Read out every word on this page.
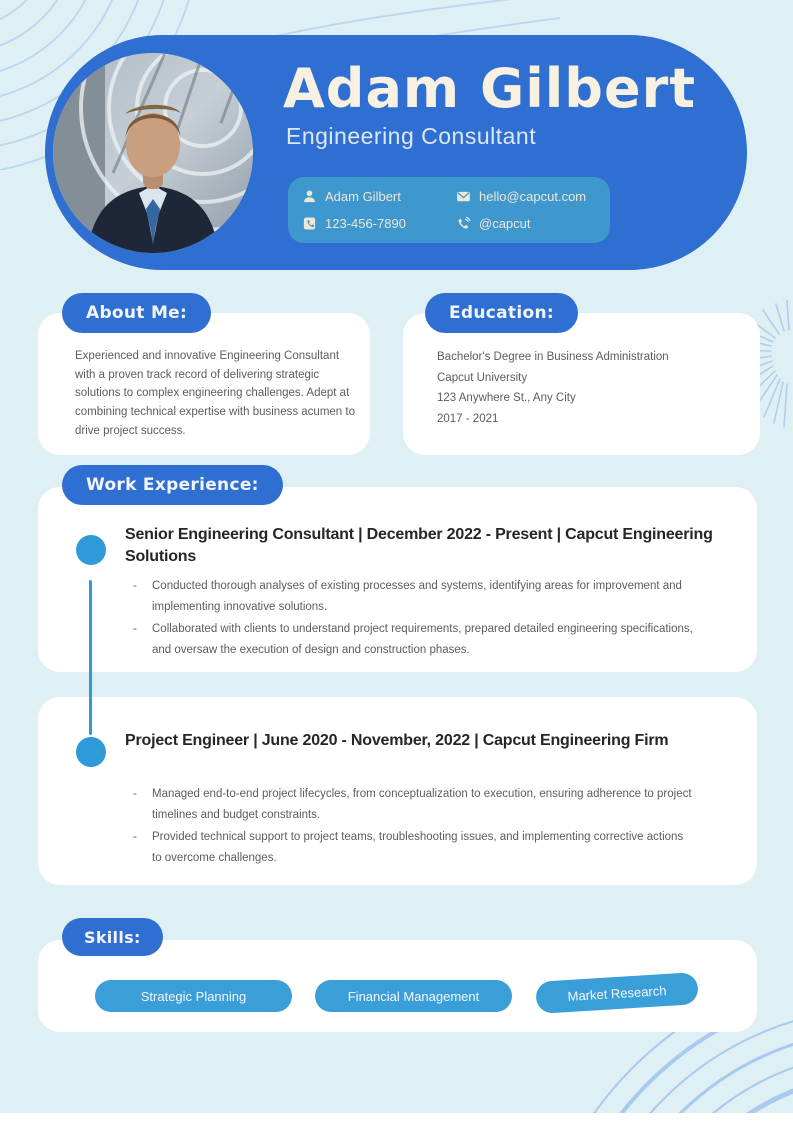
Adam Gilbert
Engineering Consultant
Adam Gilbert	hello@capcut.com
123-456-7890	@capcut
About Me:
Experienced and innovative Engineering Consultant with a proven track record of delivering strategic solutions to complex engineering challenges. Adept at combining technical expertise with business acumen to drive project success.
Education:
Bachelor's Degree in Business Administration
Capcut University
123 Anywhere St., Any City
2017 - 2021
Work Experience:
Senior Engineering Consultant | December 2022 - Present | Capcut Engineering Solutions
-	Conducted thorough analyses of existing processes and systems, identifying areas for improvement and implementing innovative solutions.
-	Collaborated with clients to understand project requirements, prepared detailed engineering specifications, and oversaw the execution of design and construction phases.
Project Engineer | June 2020 - November, 2022 | Capcut Engineering Firm
-	Managed end-to-end project lifecycles, from conceptualization to execution, ensuring adherence to project timelines and budget constraints.
-	Provided technical support to project teams, troubleshooting issues, and implementing corrective actions to overcome challenges.
Skills:
Strategic Planning	Financial Management	Market Research
